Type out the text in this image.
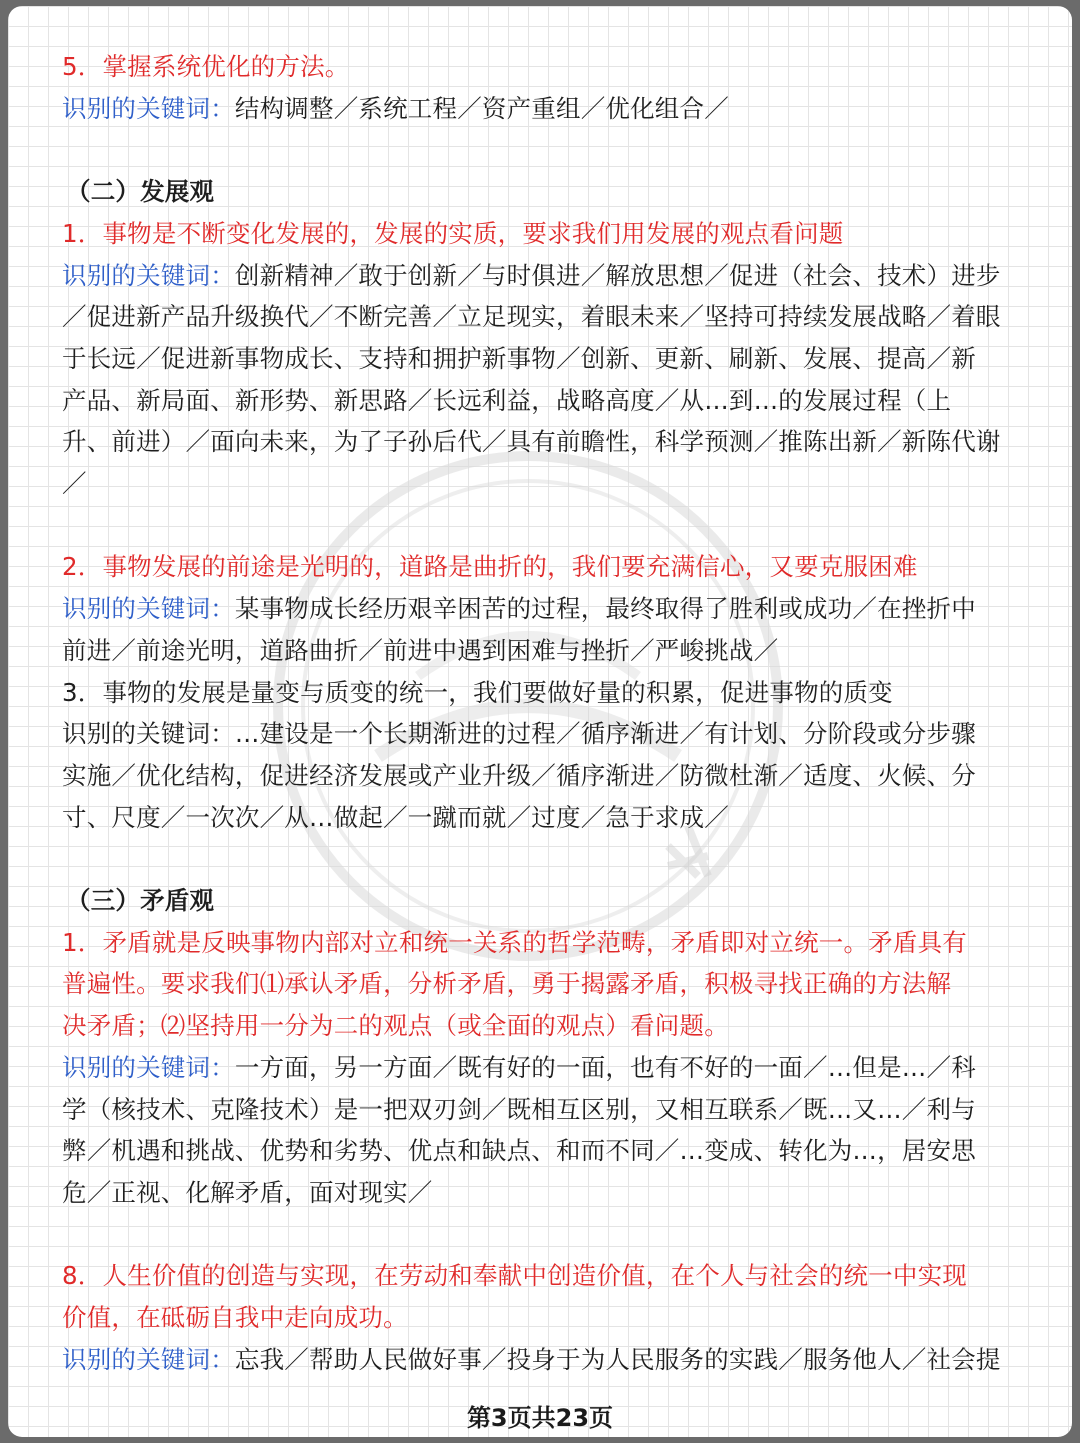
5．掌握系统优化的方法。
识别的关键词：结构调整／系统工程／资产重组／优化组合／
（二）发展观
1．事物是不断变化发展的，发展的实质，要求我们用发展的观点看问题
识别的关键词：创新精神／敢于创新／与时俱进／解放思想／促进（社会、技术）进步
／促进新产品升级换代／不断完善／立足现实，着眼未来／坚持可持续发展战略／着眼
于长远／促进新事物成长、支持和拥护新事物／创新、更新、刷新、发展、提高／新
产品、新局面、新形势、新思路／长远利益，战略高度／从…到…的发展过程（上
升、前进）／面向未来，为了子孙后代／具有前瞻性，科学预测／推陈出新／新陈代谢
／
2．事物发展的前途是光明的，道路是曲折的，我们要充满信心，又要克服困难
识别的关键词：某事物成长经历艰辛困苦的过程，最终取得了胜利或成功／在挫折中
前进／前途光明，道路曲折／前进中遇到困难与挫折／严峻挑战／
3．事物的发展是量变与质变的统一，我们要做好量的积累，促进事物的质变
识别的关键词：…建设是一个长期渐进的过程／循序渐进／有计划、分阶段或分步骤
实施／优化结构，促进经济发展或产业升级／循序渐进／防微杜渐／适度、火候、分
寸、尺度／一次次／从…做起／一蹴而就／过度／急于求成／
（三）矛盾观
1．矛盾就是反映事物内部对立和统一关系的哲学范畴，矛盾即对立统一。矛盾具有
普遍性。要求我们⑴承认矛盾，分析矛盾，勇于揭露矛盾，积极寻找正确的方法解
决矛盾；⑵坚持用一分为二的观点（或全面的观点）看问题。
识别的关键词：一方面，另一方面／既有好的一面，也有不好的一面／…但是…／科
学（核技术、克隆技术）是一把双刃剑／既相互区别，又相互联系／既…又…／利与
弊／机遇和挑战、优势和劣势、优点和缺点、和而不同／…变成、转化为…，居安思
危／正视、化解矛盾，面对现实／
8．人生价值的创造与实现，在劳动和奉献中创造价值，在个人与社会的统一中实现
价值，在砥砺自我中走向成功。
识别的关键词：忘我／帮助人民做好事／投身于为人民服务的实践／服务他人／社会提
第3页共23页
